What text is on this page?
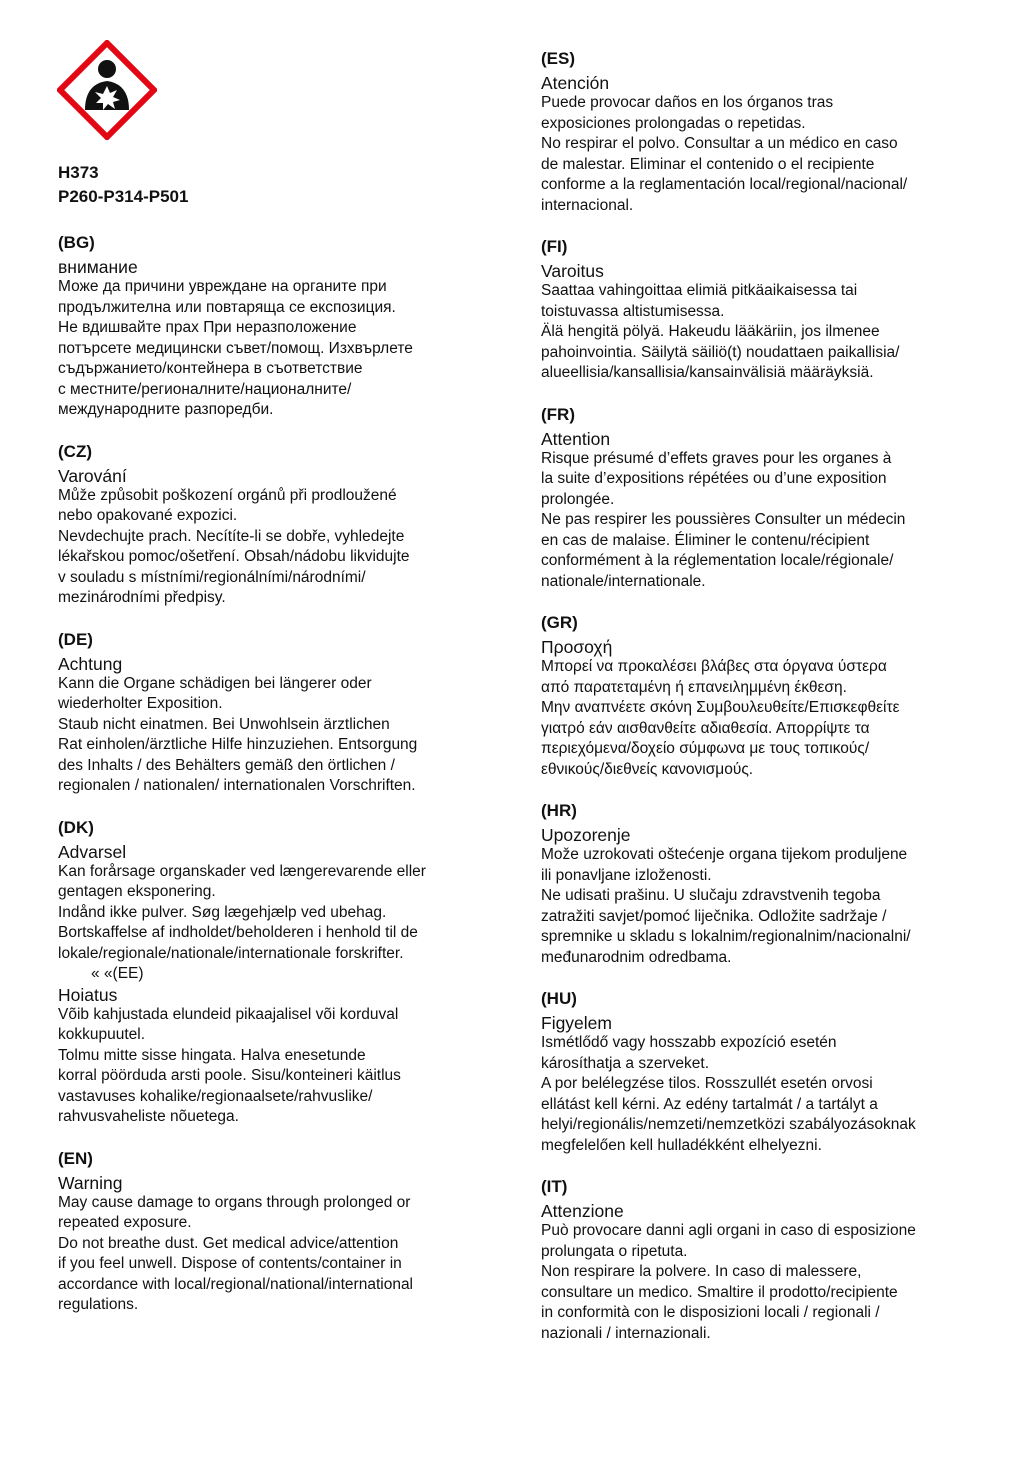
H373
P260-P314-P501
(BG)
внимание
Може да причини увреждане на органите при
продължителна или повтаряща се експозиция.
Не вдишвайте прах При неразположение
потърсете медицински съвет/помощ. Изхвърлете
съдържанието/контейнера в съответствие
с местните/регионалните/националните/
международните разпоредби.
(CZ)
Varování
Může způsobit poškození orgánů při prodloužené
nebo opakované expozici.
Nevdechujte prach. Necítíte-li se dobře, vyhledejte
lékařskou pomoc/ošetření. Obsah/nádobu likvidujte
v souladu s místními/regionálními/národními/
mezinárodními předpisy.
(DE)
Achtung
Kann die Organe schädigen bei längerer oder
wiederholter Exposition.
Staub nicht einatmen. Bei Unwohlsein ärztlichen
Rat einholen/ärztliche Hilfe hinzuziehen. Entsorgung
des Inhalts / des Behälters gemäß den örtlichen /
regionalen / nationalen/ internationalen Vorschriften.
(DK)
Advarsel
Kan forårsage organskader ved længerevarende eller
gentagen eksponering.
Indånd ikke pulver. Søg lægehjælp ved ubehag.
Bortskaffelse af indholdet/beholderen i henhold til de
lokale/regionale/nationale/internationale forskrifter.
« «(EE)
Hoiatus
Võib kahjustada elundeid pikaajalisel või korduval
kokkupuutel.
Tolmu mitte sisse hingata. Halva enesetunde
korral pöörduda arsti poole. Sisu/konteineri käitlus
vastavuses kohalike/regionaalsete/rahvuslike/
rahvusvaheliste nõuetega.
(EN)
Warning
May cause damage to organs through prolonged or
repeated exposure.
Do not breathe dust. Get medical advice/attention
if you feel unwell. Dispose of contents/container in
accordance with local/regional/national/international
regulations.
(ES)
Atención
Puede provocar daños en los órganos tras
exposiciones prolongadas o repetidas.
No respirar el polvo. Consultar a un médico en caso
de malestar. Eliminar el contenido o el recipiente
conforme a la reglamentación local/regional/nacional/
internacional.
(FI)
Varoitus
Saattaa vahingoittaa elimiä pitkäaikaisessa tai
toistuvassa altistumisessa.
Älä hengitä pölyä. Hakeudu lääkäriin, jos ilmenee
pahoinvointia. Säilytä säiliö(t) noudattaen paikallisia/
alueellisia/kansallisia/kansainvälisiä määräyksiä.
(FR)
Attention
Risque présumé d’effets graves pour les organes à
la suite d’expositions répétées ou d’une exposition
prolongée.
Ne pas respirer les poussières Consulter un médecin
en cas de malaise. Éliminer le contenu/récipient
conformément à la réglementation locale/régionale/
nationale/internationale.
(GR)
Προσοχή
Μπορεί να προκαλέσει βλάβες στα όργανα ύστερα
από παρατεταμένη ή επανειλημμένη έκθεση.
Μην αναπνέετε σκόνη Συμβουλευθείτε/Επισκεφθείτε
γιατρό εάν αισθανθείτε αδιαθεσία. Απορρίψτε τα
περιεχόμενα/δοχείο σύμφωνα με τους τοπικούς/
εθνικούς/διεθνείς κανονισμούς.
(HR)
Upozorenje
Može uzrokovati oštećenje organa tijekom produljene
ili ponavljane izloženosti.
Ne udisati prašinu. U slučaju zdravstvenih tegoba
zatražiti savjet/pomoć liječnika. Odložite sadržaje /
spremnike u skladu s lokalnim/regionalnim/nacionalni/
međunarodnim odredbama.
(HU)
Figyelem
Ismétlődő vagy hosszabb expozíció esetén
károsíthatja a szerveket.
A por belélegzése tilos. Rosszullét esetén orvosi
ellátást kell kérni. Az edény tartalmát / a tartályt a
helyi/regionális/nemzeti/nemzetközi szabályozásoknak
megfelelően kell hulladékként elhelyezni.
(IT)
Attenzione
Può provocare danni agli organi in caso di esposizione
prolungata o ripetuta.
Non respirare la polvere. In caso di malessere,
consultare un medico. Smaltire il prodotto/recipiente
in conformità con le disposizioni locali / regionali /
nazionali / internazionali.
